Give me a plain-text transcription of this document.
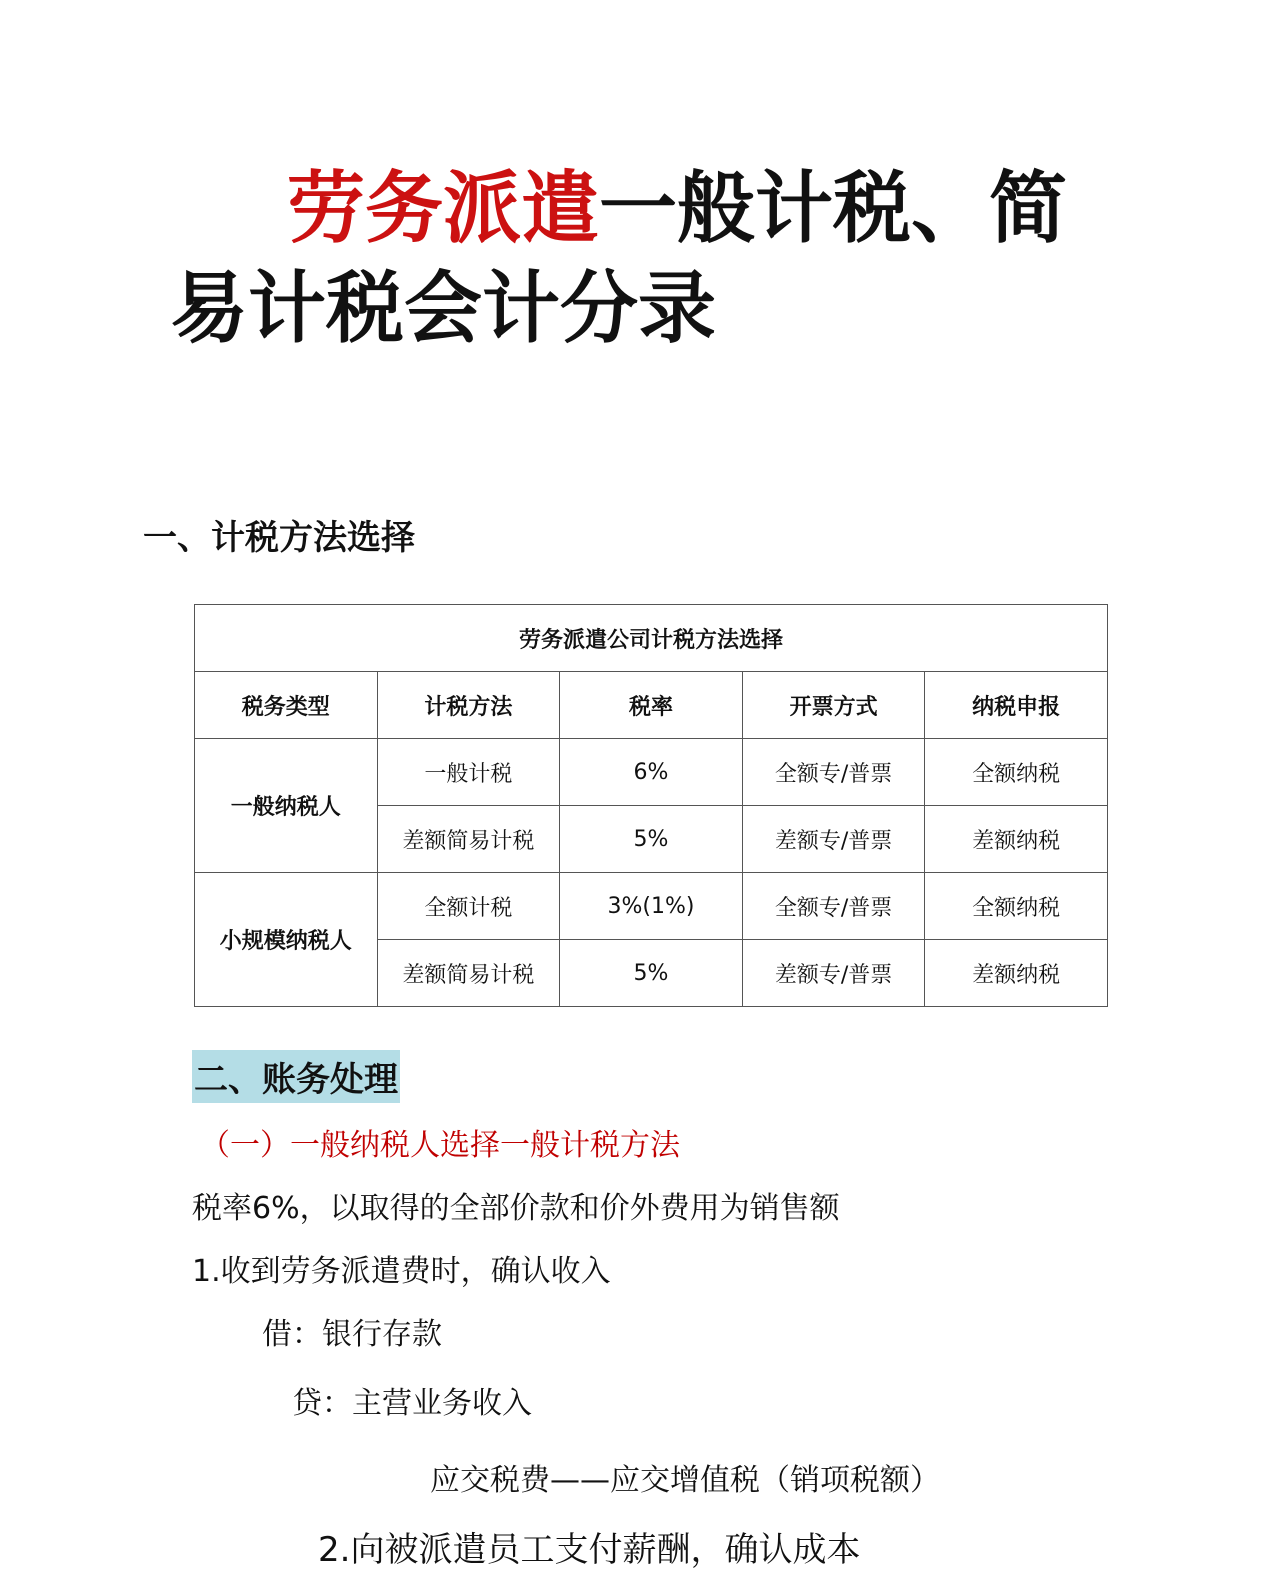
劳务派遣一般计税、简
易计税会计分录
一、计税方法选择
劳务派遣公司计税方法选择				
税务类型	计税方法	税率	开票方式	纳税申报
一般纳税人	一般计税	6%	全额专/普票	全额纳税
	差额简易计税	5%	差额专/普票	差额纳税
小规模纳税人	全额计税	3%(1%)	全额专/普票	全额纳税
	差额简易计税	5%	差额专/普票	差额纳税
二、账务处理
（一）一般纳税人选择一般计税方法
税率6%，以取得的全部价款和价外费用为销售额
1.收到劳务派遣费时，确认收入
借：银行存款
贷：主营业务收入
应交税费——应交增值税（销项税额）
2.向被派遣员工支付薪酬，确认成本
